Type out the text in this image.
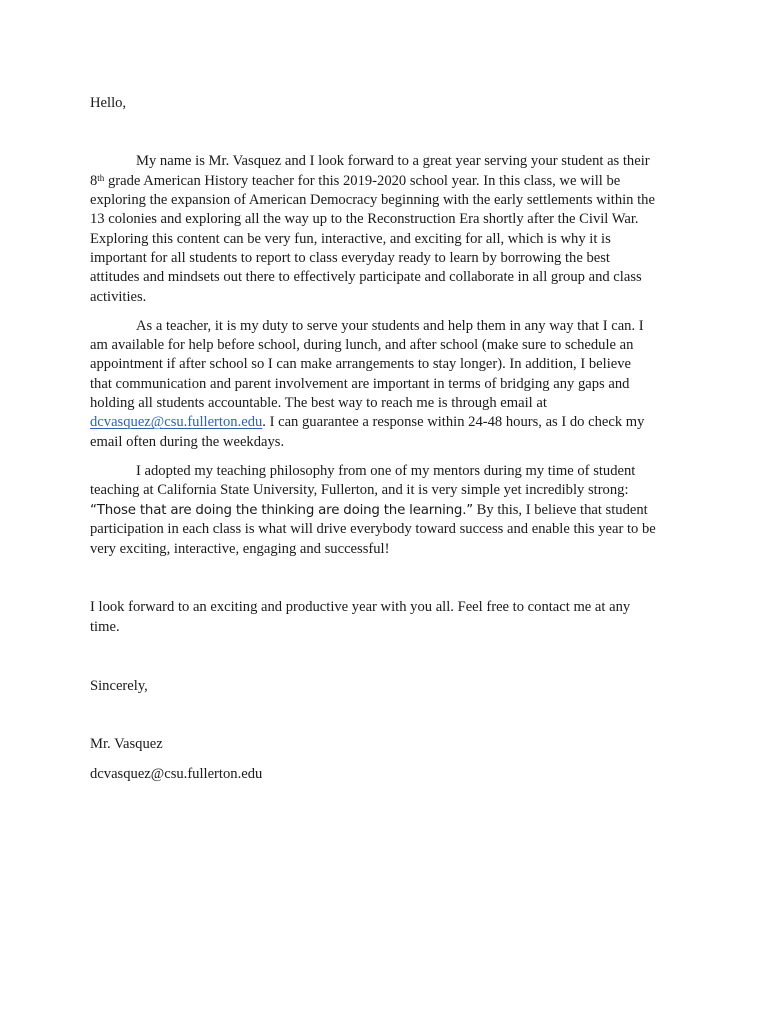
Hello,
My name is Mr. Vasquez and I look forward to a great year serving your student as their
8th grade American History teacher for this 2019-2020 school year. In this class, we will be
exploring the expansion of American Democracy beginning with the early settlements within the
13 colonies and exploring all the way up to the Reconstruction Era shortly after the Civil War.
Exploring this content can be very fun, interactive, and exciting for all, which is why it is
important for all students to report to class everyday ready to learn by borrowing the best
attitudes and mindsets out there to effectively participate and collaborate in all group and class
activities.
As a teacher, it is my duty to serve your students and help them in any way that I can. I
am available for help before school, during lunch, and after school (make sure to schedule an
appointment if after school so I can make arrangements to stay longer). In addition, I believe
that communication and parent involvement are important in terms of bridging any gaps and
holding all students accountable. The best way to reach me is through email at
dcvasquez@csu.fullerton.edu. I can guarantee a response within 24-48 hours, as I do check my
email often during the weekdays.
I adopted my teaching philosophy from one of my mentors during my time of student
teaching at California State University, Fullerton, and it is very simple yet incredibly strong:
“Those that are doing the thinking are doing the learning.” By this, I believe that student
participation in each class is what will drive everybody toward success and enable this year to be
very exciting, interactive, engaging and successful!
I look forward to an exciting and productive year with you all. Feel free to contact me at any
time.
Sincerely,
Mr. Vasquez
dcvasquez@csu.fullerton.edu
